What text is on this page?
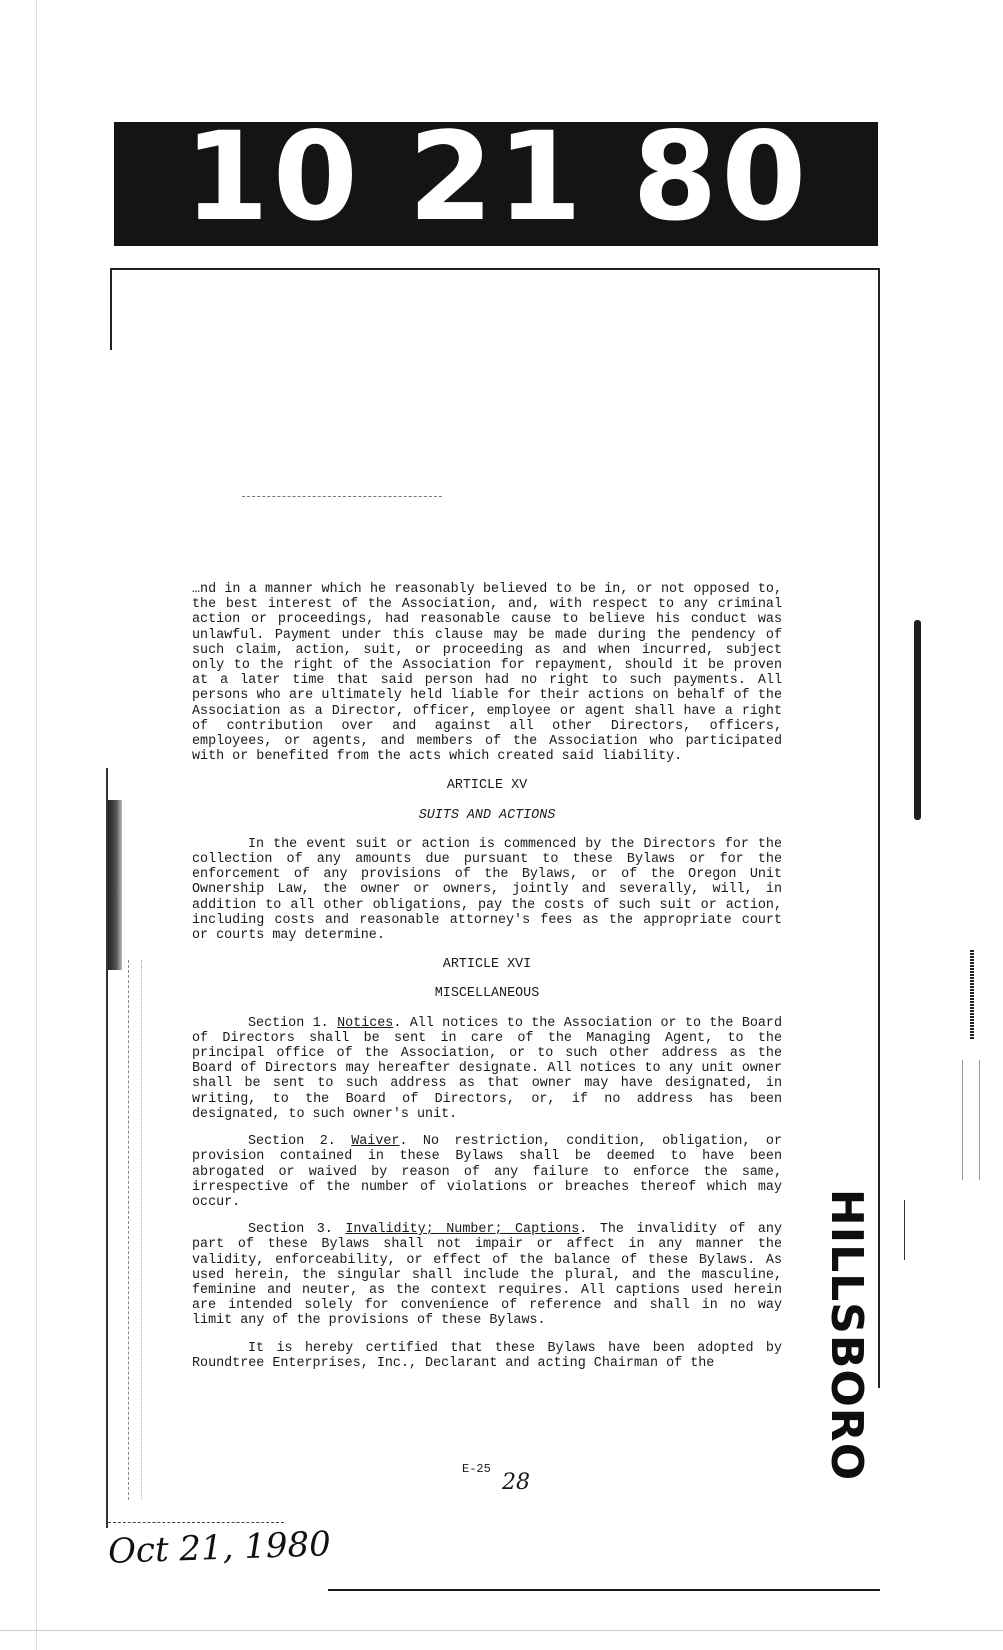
10 21 80
HILLSBORO

…nd in a manner which he reasonably believed to be in, or not opposed to, the best interest of the Association, and, with respect to any criminal action or proceedings, had reasonable cause to believe his conduct was unlawful. Payment under this clause may be made during the pendency of such claim, action, suit, or proceeding as and when incurred, subject only to the right of the Association for repayment, should it be proven at a later time that said person had no right to such payments. All persons who are ultimately held liable for their actions on behalf of the Association as a Director, officer, employee or agent shall have a right of contribution over and against all other Directors, officers, employees, or agents, and members of the Association who participated with or benefited from the acts which created said liability.

ARTICLE XV
SUITS AND ACTIONS

In the event suit or action is commenced by the Directors for the collection of any amounts due pursuant to these Bylaws or for the enforcement of any provisions of the Bylaws, or of the Oregon Unit Ownership Law, the owner or owners, jointly and severally, will, in addition to all other obligations, pay the costs of such suit or action, including costs and reasonable attorney's fees as the appropriate court or courts may determine.

ARTICLE XVI
MISCELLANEOUS

Section 1. Notices. All notices to the Association or to the Board of Directors shall be sent in care of the Managing Agent, to the principal office of the Association, or to such other address as the Board of Directors may hereafter designate. All notices to any unit owner shall be sent to such address as that owner may have designated, in writing, to the Board of Directors, or, if no address has been designated, to such owner's unit.

Section 2. Waiver. No restriction, condition, obligation, or provision contained in these Bylaws shall be deemed to have been abrogated or waived by reason of any failure to enforce the same, irrespective of the number of violations or breaches thereof which may occur.

Section 3. Invalidity; Number; Captions. The invalidity of any part of these Bylaws shall not impair or affect in any manner the validity, enforceability, or effect of the balance of these Bylaws. As used herein, the singular shall include the plural, and the masculine, feminine and neuter, as the context requires. All captions used herein are intended solely for convenience of reference and shall in no way limit any of the provisions of these Bylaws.

It is hereby certified that these Bylaws have been adopted by Roundtree Enterprises, Inc., Declarant and acting Chairman of the

E-25
28
Oct 21, 1980
